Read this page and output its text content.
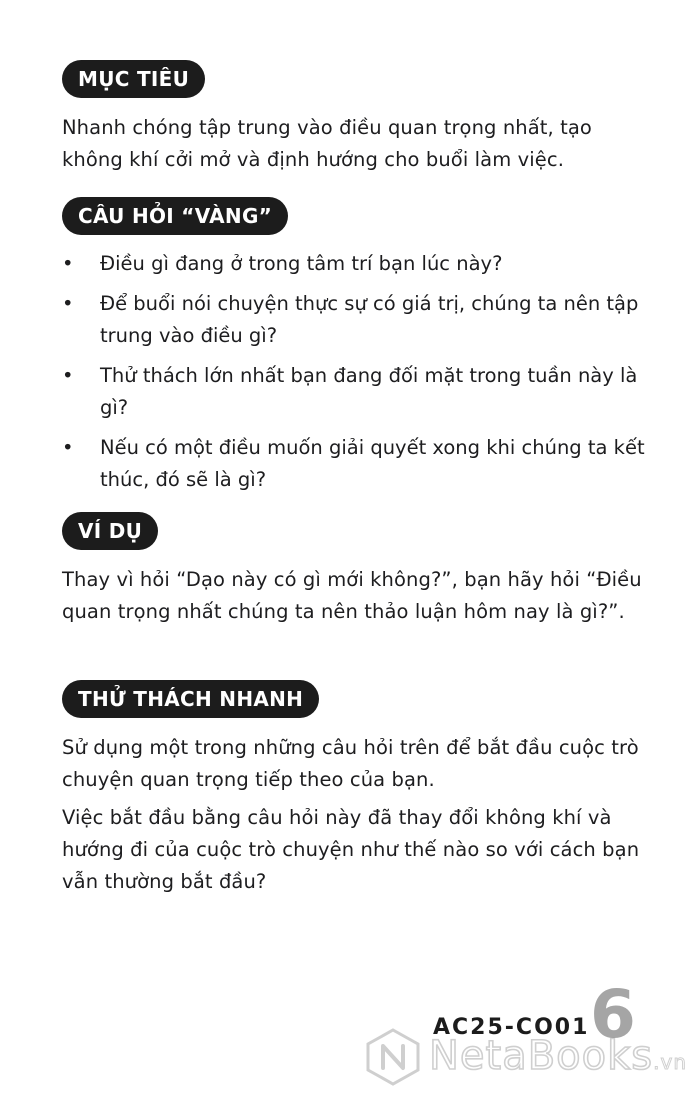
MỤC TIÊU

Nhanh chóng tập trung vào điều quan trọng nhất, tạo không khí cởi mở và định hướng cho buổi làm việc.

CÂU HỎI “VÀNG”
• Điều gì đang ở trong tâm trí bạn lúc này?
• Để buổi nói chuyện thực sự có giá trị, chúng ta nên tập trung vào điều gì?
• Thử thách lớn nhất bạn đang đối mặt trong tuần này là gì?
• Nếu có một điều muốn giải quyết xong khi chúng ta kết thúc, đó sẽ là gì?
VÍ DỤ

Thay vì hỏi “Dạo này có gì mới không?”, bạn hãy hỏi “Điều quan trọng nhất chúng ta nên thảo luận hôm nay là gì?”.

THỬ THÁCH NHANH

Sử dụng một trong những câu hỏi trên để bắt đầu cuộc trò chuyện quan trọng tiếp theo của bạn.

Việc bắt đầu bằng câu hỏi này đã thay đổi không khí và hướng đi của cuộc trò chuyện như thế nào so với cách bạn vẫn thường bắt đầu?

AC25-CO01 6
NetaBooks.vn
